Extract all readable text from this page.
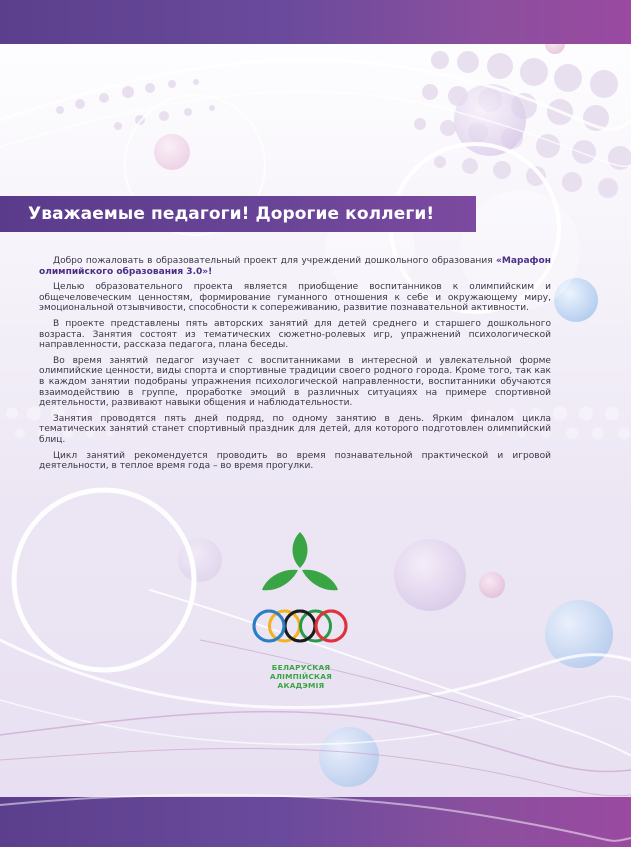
Уважаемые педагоги! Дорогие коллеги!

Добро пожаловать в образовательный проект для учреждений дошкольного образования «Марафон олимпийского образования 3.0»!

Целью образовательного проекта является приобщение воспитанников к олимпийским и общечеловеческим ценностям, формирование гуманного отношения к себе и окружающему миру, эмоциональной отзывчивости, способности к сопереживанию, развитие познавательной активности.

В проекте представлены пять авторских занятий для детей среднего и старшего дошкольного возраста. Занятия состоят из тематических сюжетно-ролевых игр, упражнений психологической направленности, рассказа педагога, плана беседы.

Во время занятий педагог изучает с воспитанниками в интересной и увлекательной форме олимпийские ценности, виды спорта и спортивные традиции своего родного города. Кроме того, так как в каждом занятии подобраны упражнения психологической направленности, воспитанники обучаются взаимодействию в группе, проработке эмоций в различных ситуациях на примере спортивной деятельности, развивают навыки общения и наблюдательности.

Занятия проводятся пять дней подряд, по одному занятию в день. Ярким финалом цикла тематических занятий станет спортивный праздник для детей, для которого подготовлен олимпийский блиц.

Цикл занятий рекомендуется проводить во время познавательной практической и игровой деятельности, в теплое время года – во время прогулки.

БЕЛАРУСКАЯ
АЛІМПІЙСКАЯ
АКАДЭМІЯ
